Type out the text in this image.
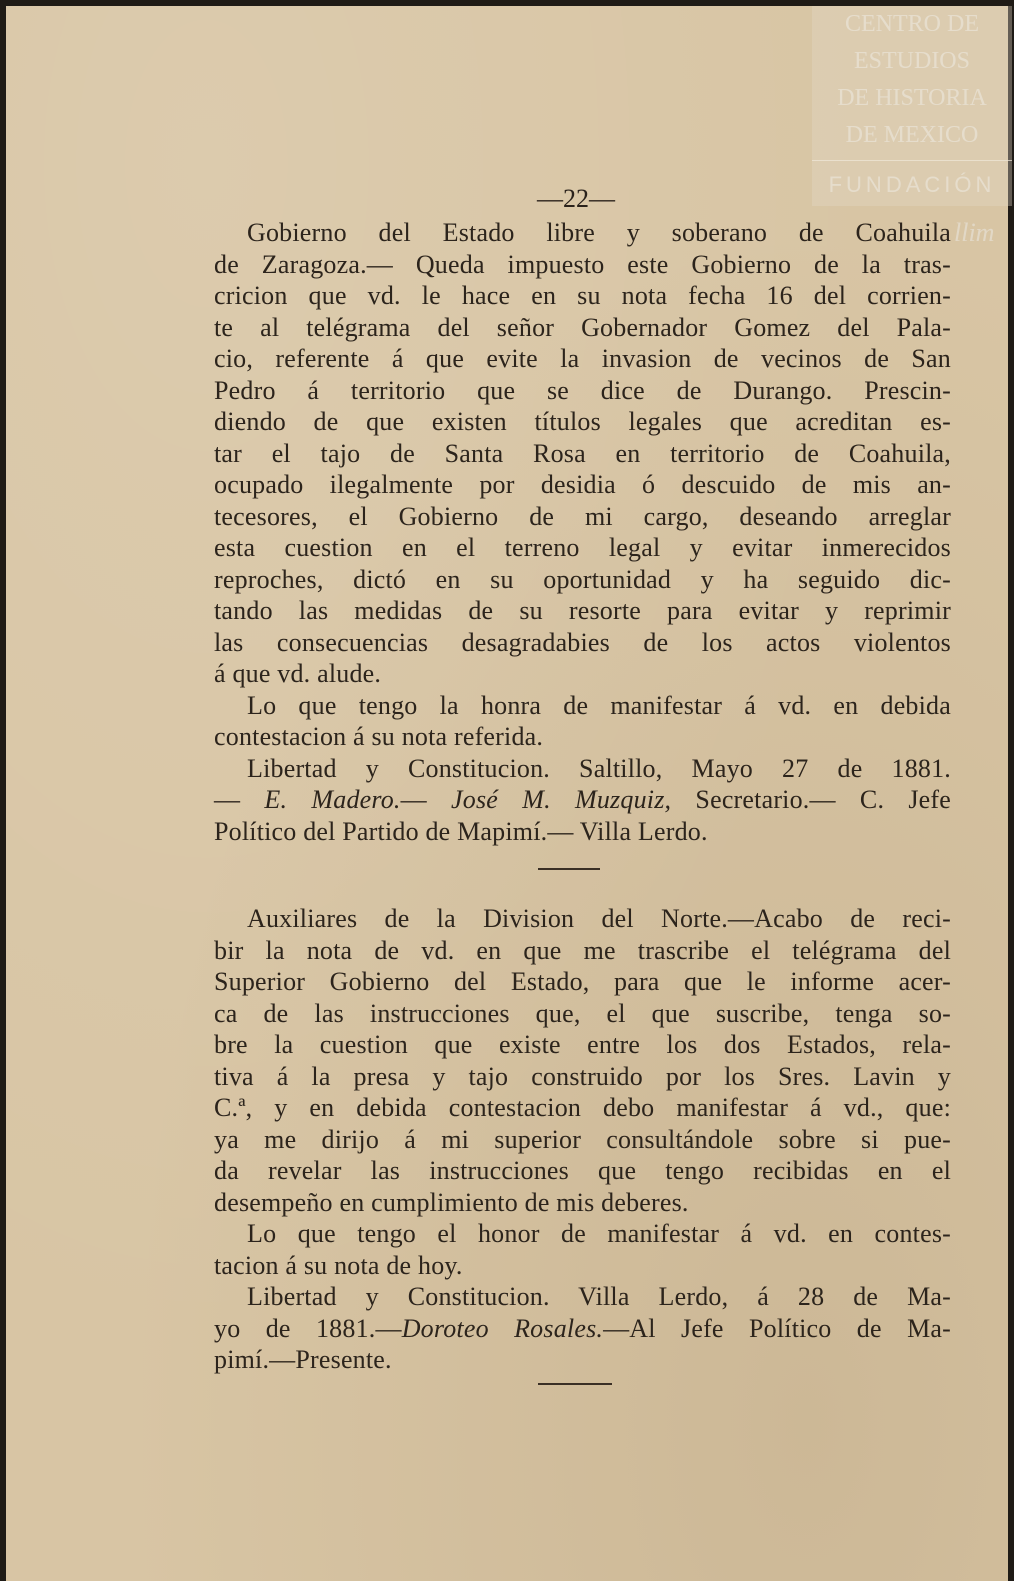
CENTRO DE
ESTUDIOS
DE HISTORIA
DE MEXICO
FUNDACIÓN
llim
—22—
Gobierno del Estado libre y soberano de Coahuila
de Zaragoza.— Queda impuesto este Gobierno de la tras-
cricion que vd. le hace en su nota fecha 16 del corrien-
te al telégrama del señor Gobernador Gomez del Pala-
cio, referente á que evite la invasion de vecinos de San
Pedro á territorio que se dice de Durango. Prescin-
diendo de que existen títulos legales que acreditan es-
tar el tajo de Santa Rosa en territorio de Coahuila,
ocupado ilegalmente por desidia ó descuido de mis an-
tecesores, el Gobierno de mi cargo, deseando arreglar
esta cuestion en el terreno legal y evitar inmerecidos
reproches, dictó en su oportunidad y ha seguido dic-
tando las medidas de su resorte para evitar y reprimir
las consecuencias desagradabies de los actos violentos
á que vd. alude.
Lo que tengo la honra de manifestar á vd. en debida
contestacion á su nota referida.
Libertad y Constitucion. Saltillo, Mayo 27 de 1881.
— E. Madero.— José M. Muzquiz, Secretario.— C. Jefe
Político del Partido de Mapimí.— Villa Lerdo.
Auxiliares de la Division del Norte.—Acabo de reci-
bir la nota de vd. en que me trascribe el telégrama del
Superior Gobierno del Estado, para que le informe acer-
ca de las instrucciones que, el que suscribe, tenga so-
bre la cuestion que existe entre los dos Estados, rela-
tiva á la presa y tajo construido por los Sres. Lavin y
C.ª, y en debida contestacion debo manifestar á vd., que:
ya me dirijo á mi superior consultándole sobre si pue-
da revelar las instrucciones que tengo recibidas en el
desempeño en cumplimiento de mis deberes.
Lo que tengo el honor de manifestar á vd. en contes-
tacion á su nota de hoy.
Libertad y Constitucion. Villa Lerdo, á 28 de Ma-
yo de 1881.—Doroteo Rosales.—Al Jefe Político de Ma-
pimí.—Presente.
